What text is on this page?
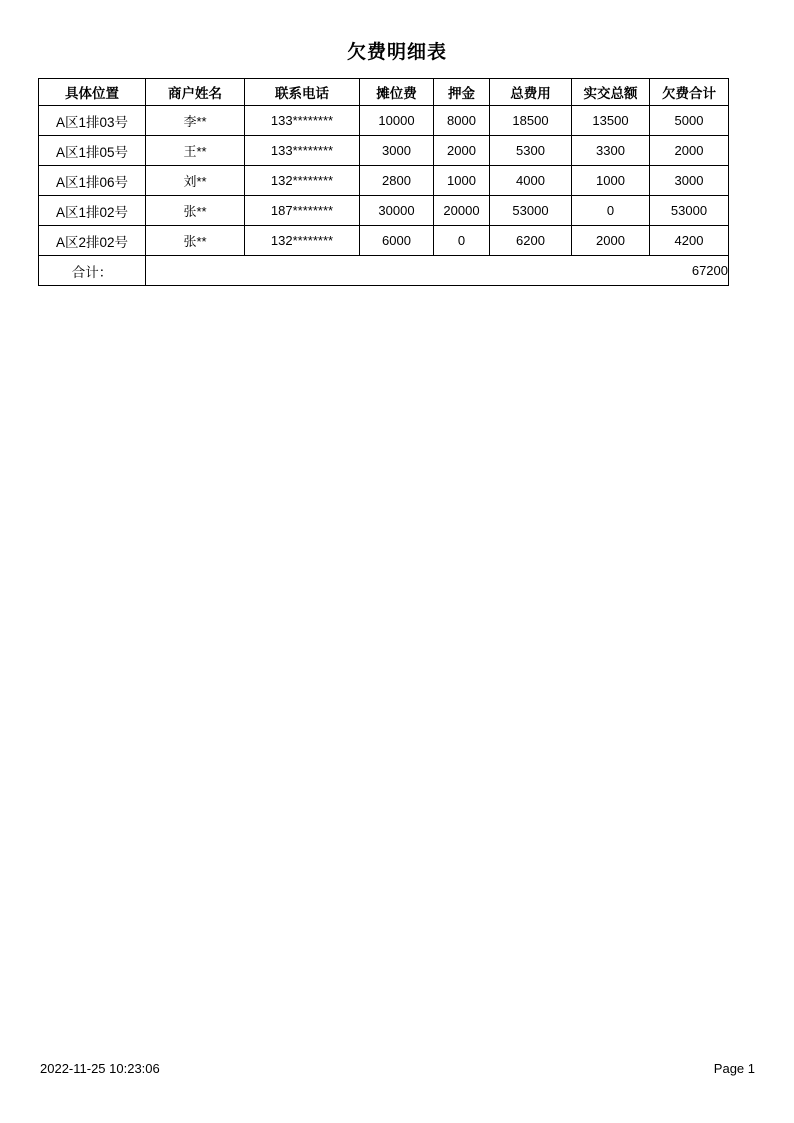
欠费明细表
具体位置	商户姓名	联系电话	摊位费	押金	总费用	实交总额	欠费合计
A区1排03号	李**	133********	10000	8000	18500	13500	5000
A区1排05号	王**	133********	3000	2000	5300	3300	2000
A区1排06号	刘**	132********	2800	1000	4000	1000	3000
A区1排02号	张**	187********	30000	20000	53000	0	53000
A区2排02号	张**	132********	6000	0	6200	2000	4200
合计：	67200						
2022-11-25 10:23:06	Page 1
